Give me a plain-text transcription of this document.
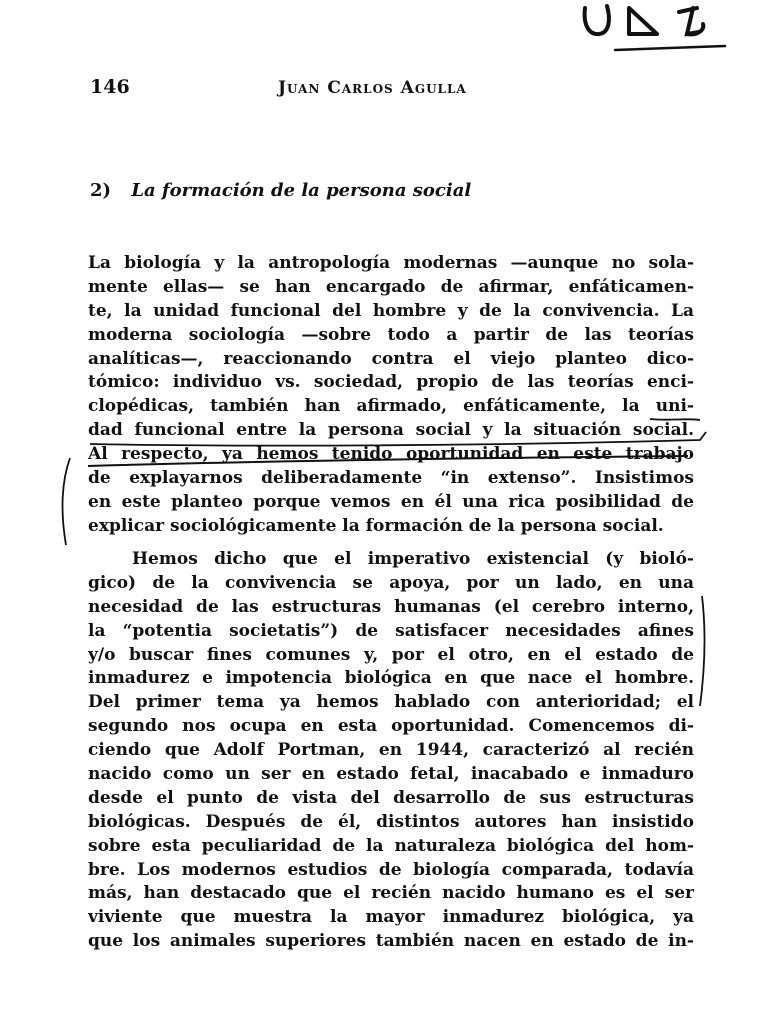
146	Juan Carlos Agulla
2) La formación de la persona social
La biología y la antropología modernas —aunque no sola-
mente ellas— se han encargado de afirmar, enfáticamen-
te, la unidad funcional del hombre y de la convivencia. La
moderna sociología —sobre todo a partir de las teorías
analíticas—, reaccionando contra el viejo planteo dico-
tómico: individuo vs. sociedad, propio de las teorías enci-
clopédicas, también han afirmado, enfáticamente, la uni-
dad funcional entre la persona social y la situación social.
Al respecto, ya hemos tenido oportunidad en este trabajo
de explayarnos deliberadamente “in extenso”. Insistimos
en este planteo porque vemos en él una rica posibilidad de
explicar sociológicamente la formación de la persona social.
Hemos dicho que el imperativo existencial (y bioló-
gico) de la convivencia se apoya, por un lado, en una
necesidad de las estructuras humanas (el cerebro interno,
la “potentia societatis”) de satisfacer necesidades afines
y/o buscar fines comunes y, por el otro, en el estado de
inmadurez e impotencia biológica en que nace el hombre.
Del primer tema ya hemos hablado con anterioridad; el
segundo nos ocupa en esta oportunidad. Comencemos di-
ciendo que Adolf Portman, en 1944, caracterizó al recién
nacido como un ser en estado fetal, inacabado e inmaduro
desde el punto de vista del desarrollo de sus estructuras
biológicas. Después de él, distintos autores han insistido
sobre esta peculiaridad de la naturaleza biológica del hom-
bre. Los modernos estudios de biología comparada, todavía
más, han destacado que el recién nacido humano es el ser
viviente que muestra la mayor inmadurez biológica, ya
que los animales superiores también nacen en estado de in-
